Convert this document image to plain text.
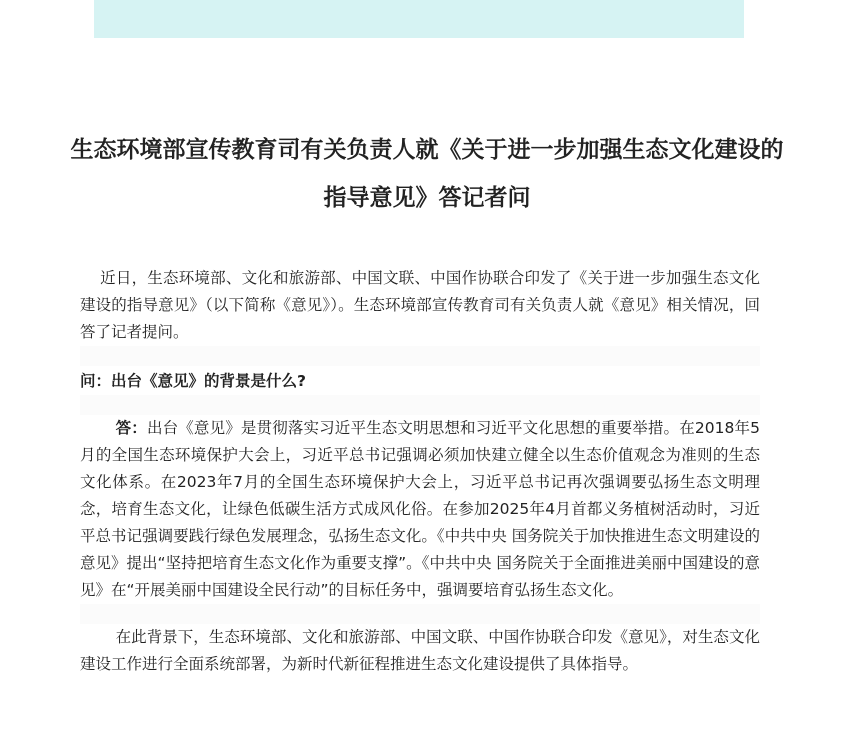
生态环境部宣传教育司有关负责人就《关于进一步加强生态文化建设的指导意见》答记者问

近日，生态环境部、文化和旅游部、中国文联、中国作协联合印发了《关于进一步加强生态文化建设的指导意见》（以下简称《意见》）。生态环境部宣传教育司有关负责人就《意见》相关情况，回答了记者提问。

问：出台《意见》的背景是什么?

答：出台《意见》是贯彻落实习近平生态文明思想和习近平文化思想的重要举措。在2018年5月的全国生态环境保护大会上，习近平总书记强调必须加快建立健全以生态价值观念为准则的生态文化体系。在2023年7月的全国生态环境保护大会上，习近平总书记再次强调要弘扬生态文明理念，培育生态文化，让绿色低碳生活方式成风化俗。在参加2025年4月首都义务植树活动时，习近平总书记强调要践行绿色发展理念，弘扬生态文化。《中共中央 国务院关于加快推进生态文明建设的意见》提出“坚持把培育生态文化作为重要支撑”。《中共中央 国务院关于全面推进美丽中国建设的意见》在“开展美丽中国建设全民行动”的目标任务中，强调要培育弘扬生态文化。

在此背景下，生态环境部、文化和旅游部、中国文联、中国作协联合印发《意见》，对生态文化建设工作进行全面系统部署，为新时代新征程推进生态文化建设提供了具体指导。
